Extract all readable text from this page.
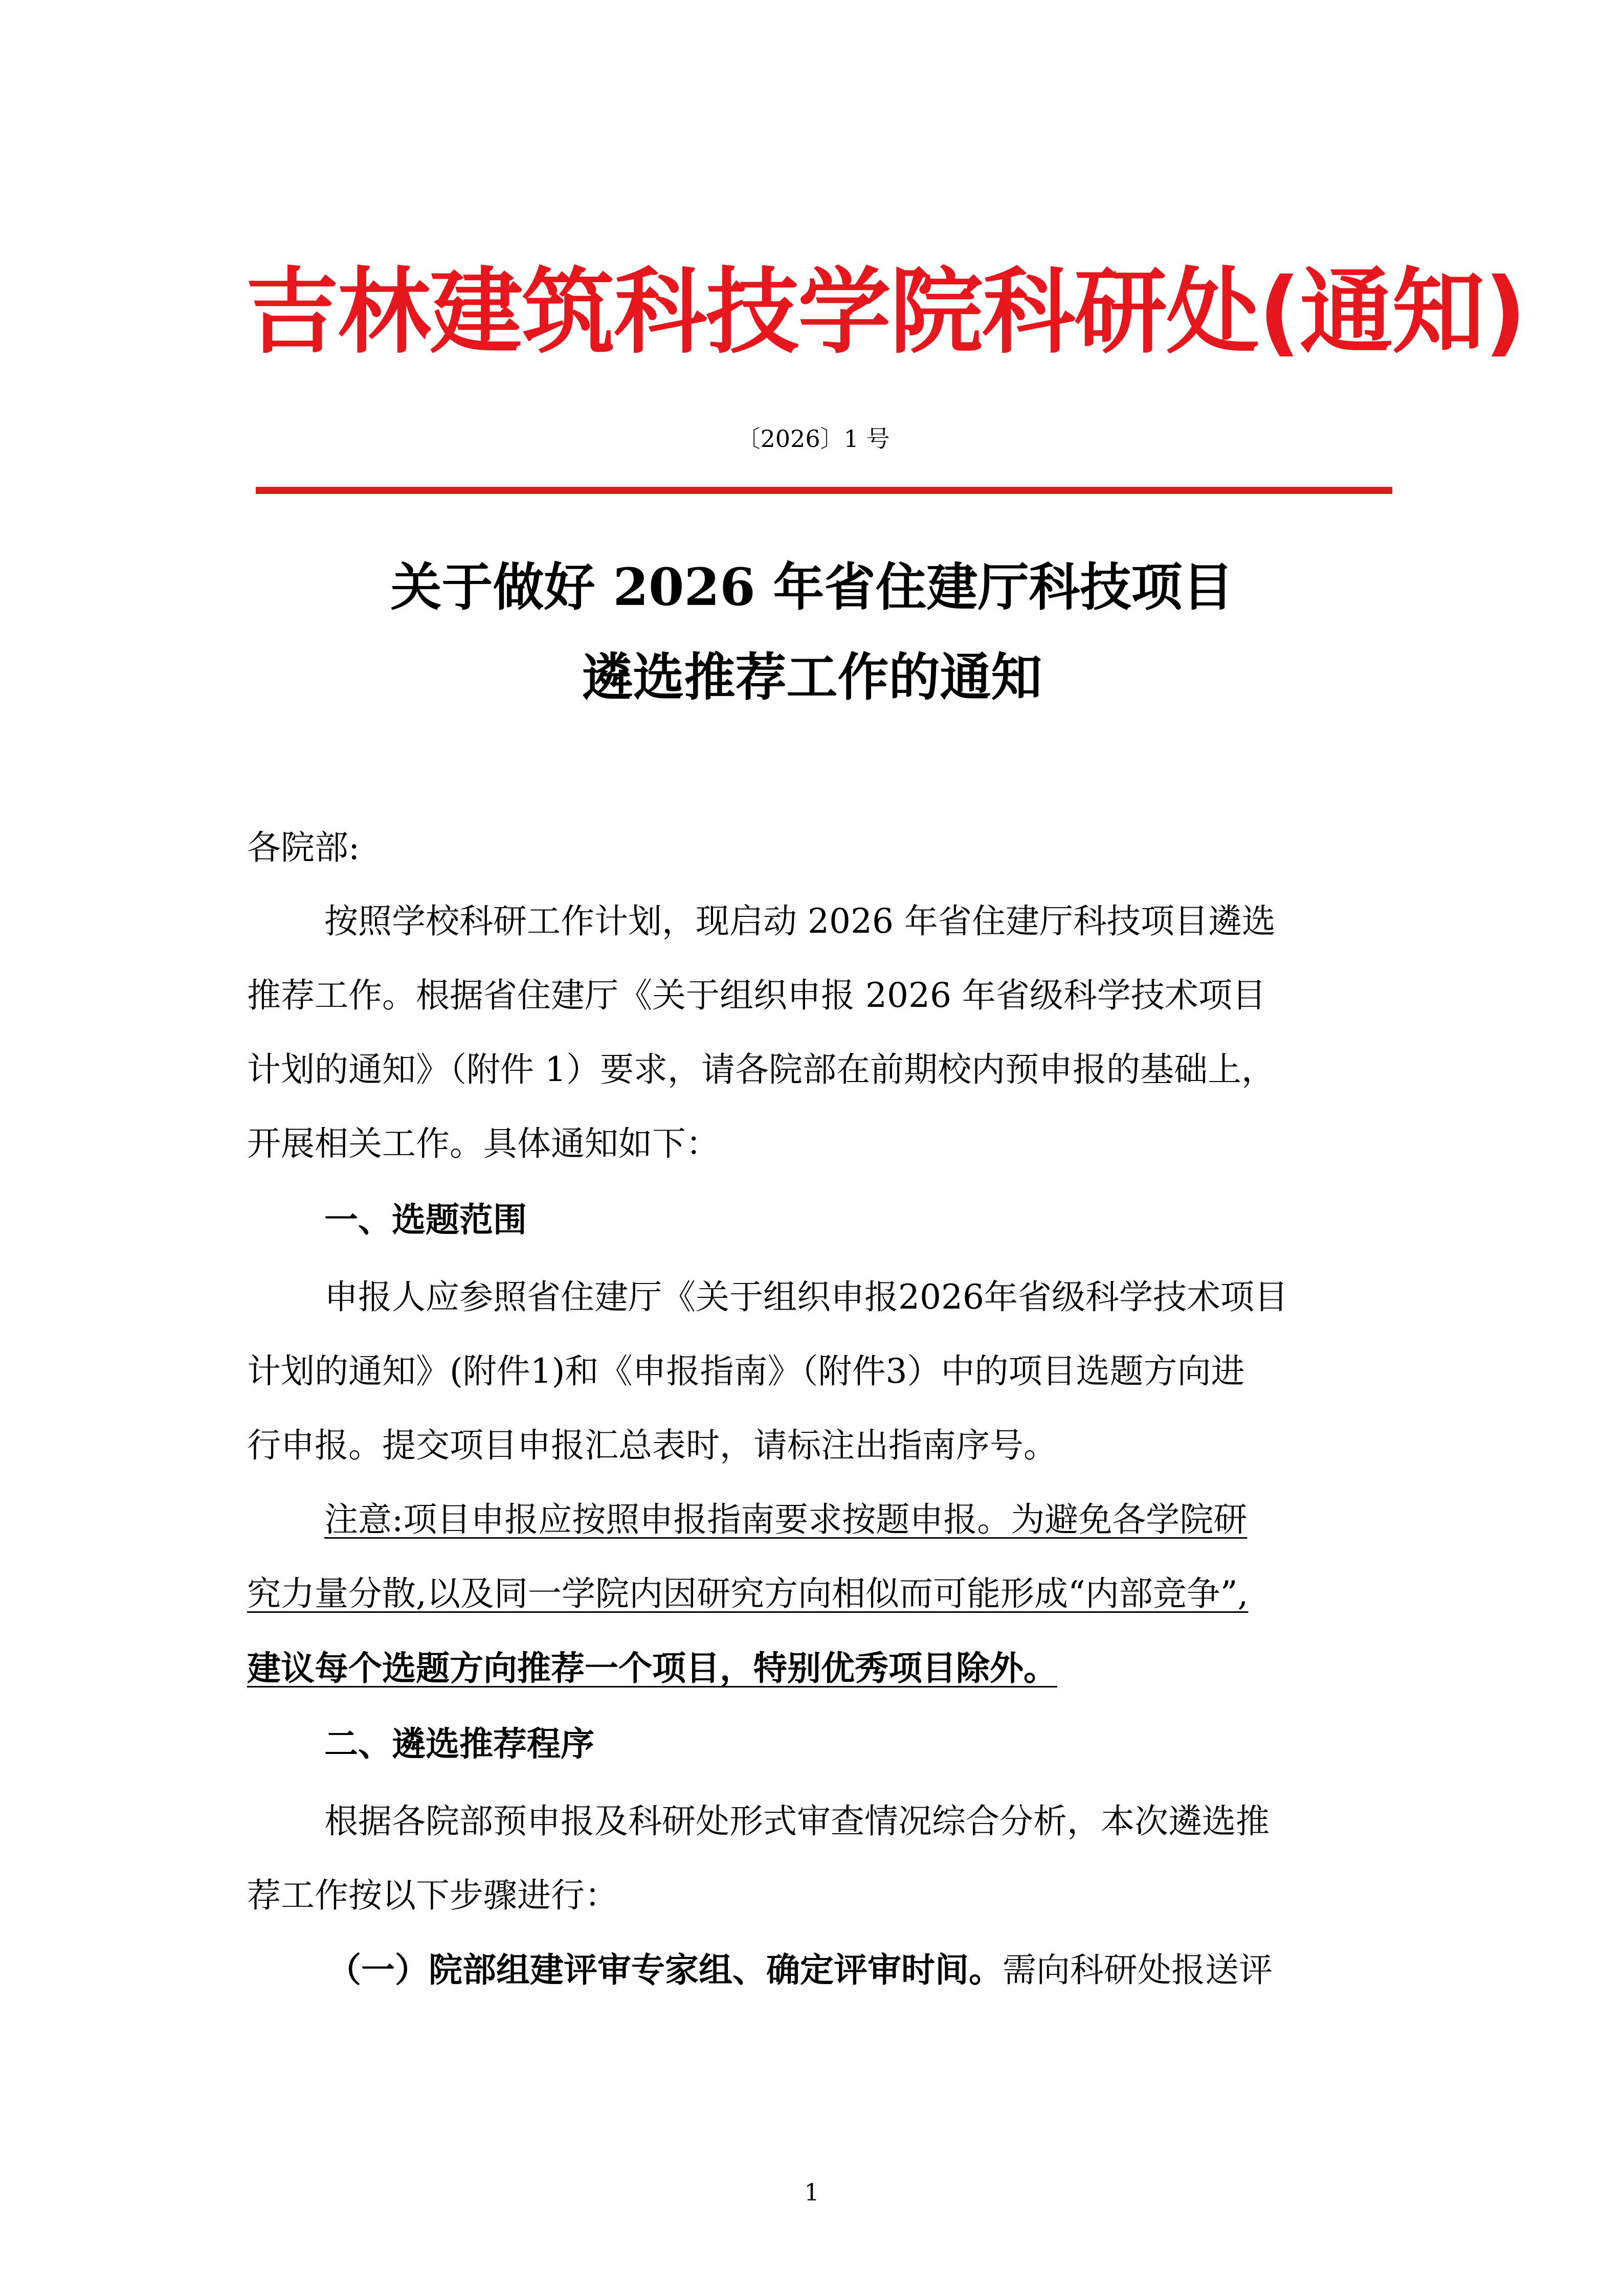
吉林建筑科技学院科研处(通知)
〔2026〕1 号
关于做好 2026 年省住建厅科技项目
遴选推荐工作的通知
各院部:
按照学校科研工作计划，现启动 2026 年省住建厅科技项目遴选
推荐工作。根据省住建厅《关于组织申报 2026 年省级科学技术项目
计划的通知》（附件 1）要求，请各院部在前期校内预申报的基础上，
开展相关工作。具体通知如下：
一、选题范围
申报人应参照省住建厅《关于组织申报2026年省级科学技术项目
计划的通知》(附件1)和《申报指南》（附件3）中的项目选题方向进
行申报。提交项目申报汇总表时，请标注出指南序号。
注意:项目申报应按照申报指南要求按题申报。为避免各学院研
究力量分散,以及同一学院内因研究方向相似而可能形成“内部竞争”,
建议每个选题方向推荐一个项目，特别优秀项目除外。
二、遴选推荐程序
根据各院部预申报及科研处形式审查情况综合分析，本次遴选推
荐工作按以下步骤进行：
（一）院部组建评审专家组、确定评审时间。需向科研处报送评
1
